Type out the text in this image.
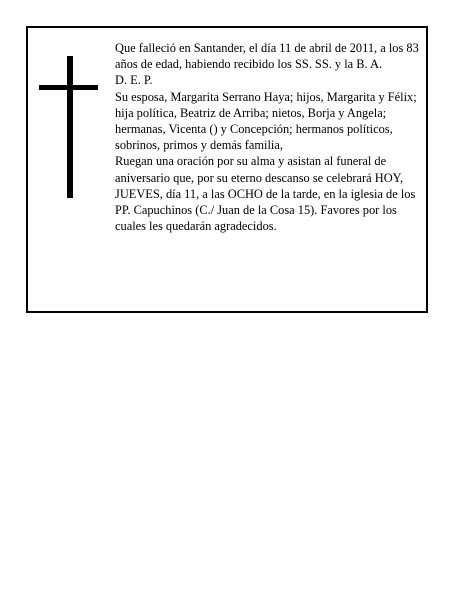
Que falleció en Santander, el día 11 de abril de 2011, a los 83 años de edad, habiendo recibido los SS. SS. y la B. A.

D. E. P.

Su esposa, Margarita Serrano Haya; hijos, Margarita y Félix; hija política, Beatriz de Arriba; nietos, Borja y Angela; hermanas, Vicenta () y Concepción; hermanos políticos, sobrinos, primos y demás familia,

Ruegan una oración por su alma y asistan al funeral de aniversario que, por su eterno descanso se celebrará HOY, JUEVES, día 11, a las OCHO de la tarde, en la iglesia de los PP. Capuchinos (C./ Juan de la Cosa 15). Favores por los cuales les quedarán agradecidos.
